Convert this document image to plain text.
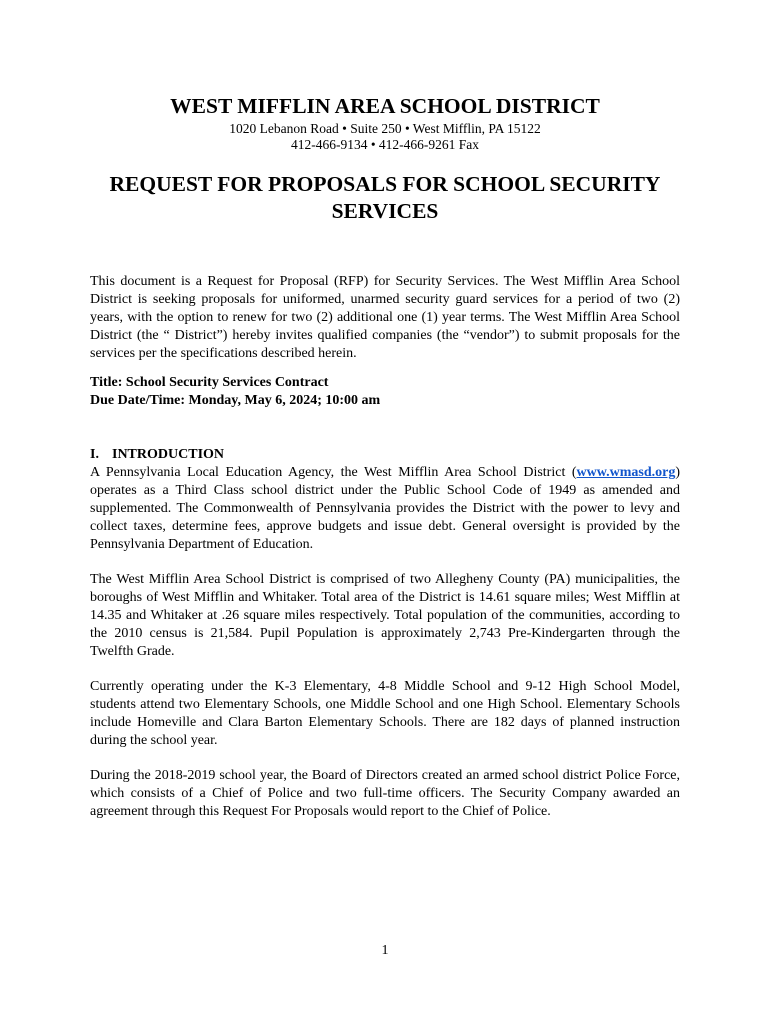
WEST MIFFLIN AREA SCHOOL DISTRICT
1020 Lebanon Road • Suite 250 • West Mifflin, PA 15122
412-466-9134 • 412-466-9261 Fax
REQUEST FOR PROPOSALS FOR SCHOOL SECURITY SERVICES
This document is a Request for Proposal (RFP) for Security Services. The West Mifflin Area School District is seeking proposals for uniformed, unarmed security guard services for a period of two (2) years, with the option to renew for two (2) additional one (1) year terms. The West Mifflin Area School District (the “ District”) hereby invites qualified companies (the “vendor”) to submit proposals for the services per the specifications described herein.
Title: School Security Services Contract
Due Date/Time: Monday, May 6, 2024; 10:00 am
I. INTRODUCTION
A Pennsylvania Local Education Agency, the West Mifflin Area School District (www.wmasd.org) operates as a Third Class school district under the Public School Code of 1949 as amended and supplemented. The Commonwealth of Pennsylvania provides the District with the power to levy and collect taxes, determine fees, approve budgets and issue debt. General oversight is provided by the Pennsylvania Department of Education.
The West Mifflin Area School District is comprised of two Allegheny County (PA) municipalities, the boroughs of West Mifflin and Whitaker. Total area of the District is 14.61 square miles; West Mifflin at 14.35 and Whitaker at .26 square miles respectively. Total population of the communities, according to the 2010 census is 21,584. Pupil Population is approximately 2,743 Pre-Kindergarten through the Twelfth Grade.
Currently operating under the K-3 Elementary, 4-8 Middle School and 9-12 High School Model, students attend two Elementary Schools, one Middle School and one High School. Elementary Schools include Homeville and Clara Barton Elementary Schools. There are 182 days of planned instruction during the school year.
During the 2018-2019 school year, the Board of Directors created an armed school district Police Force, which consists of a Chief of Police and two full-time officers. The Security Company awarded an agreement through this Request For Proposals would report to the Chief of Police.
1
